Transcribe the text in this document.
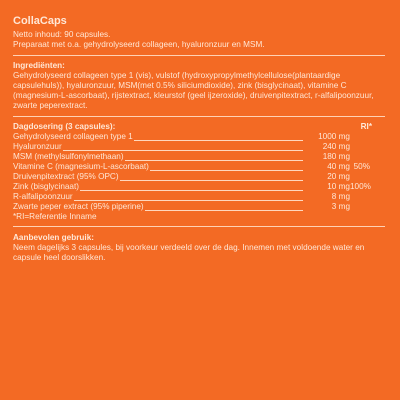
CollaCaps
Netto inhoud: 90 capsules.
Preparaat met o.a. gehydrolyseerd collageen, hyaluronzuur en MSM.
Ingrediënten:
Gehydrolyseerd collageen type 1 (vis), vulstof (hydroxypropylmethylcellulose(plantaardige capsulehuls)), hyaluronzuur, MSM(met 0.5% siliciumdioxide), zink (bisglycinaat), vitamine C (magnesium-L-ascorbaat), rijstextract, kleurstof (geel ijzeroxide), druivenpitextract, r-alfalipoonzuur, zwarte peperextract.
Dagdosering (3 capsules):	RI*
Gehydrolyseerd collageen type 1	1000 mg
Hyaluronzuur	240 mg
MSM (methylsulfonylmethaan)	180 mg
Vitamine C (magnesium-L-ascorbaat)	40 mg 50%
Druivenpitextract (95% OPC)	20 mg
Zink (bisglycinaat)	10 mg 100%
R-alfalipoonzuur	8 mg
Zwarte peper extract (95% piperine)	3 mg
*RI=Referentie Inname
Aanbevolen gebruik:
Neem dagelijks 3 capsules, bij voorkeur verdeeld over de dag. Innemen met voldoende water en capsule heel doorslikken.
